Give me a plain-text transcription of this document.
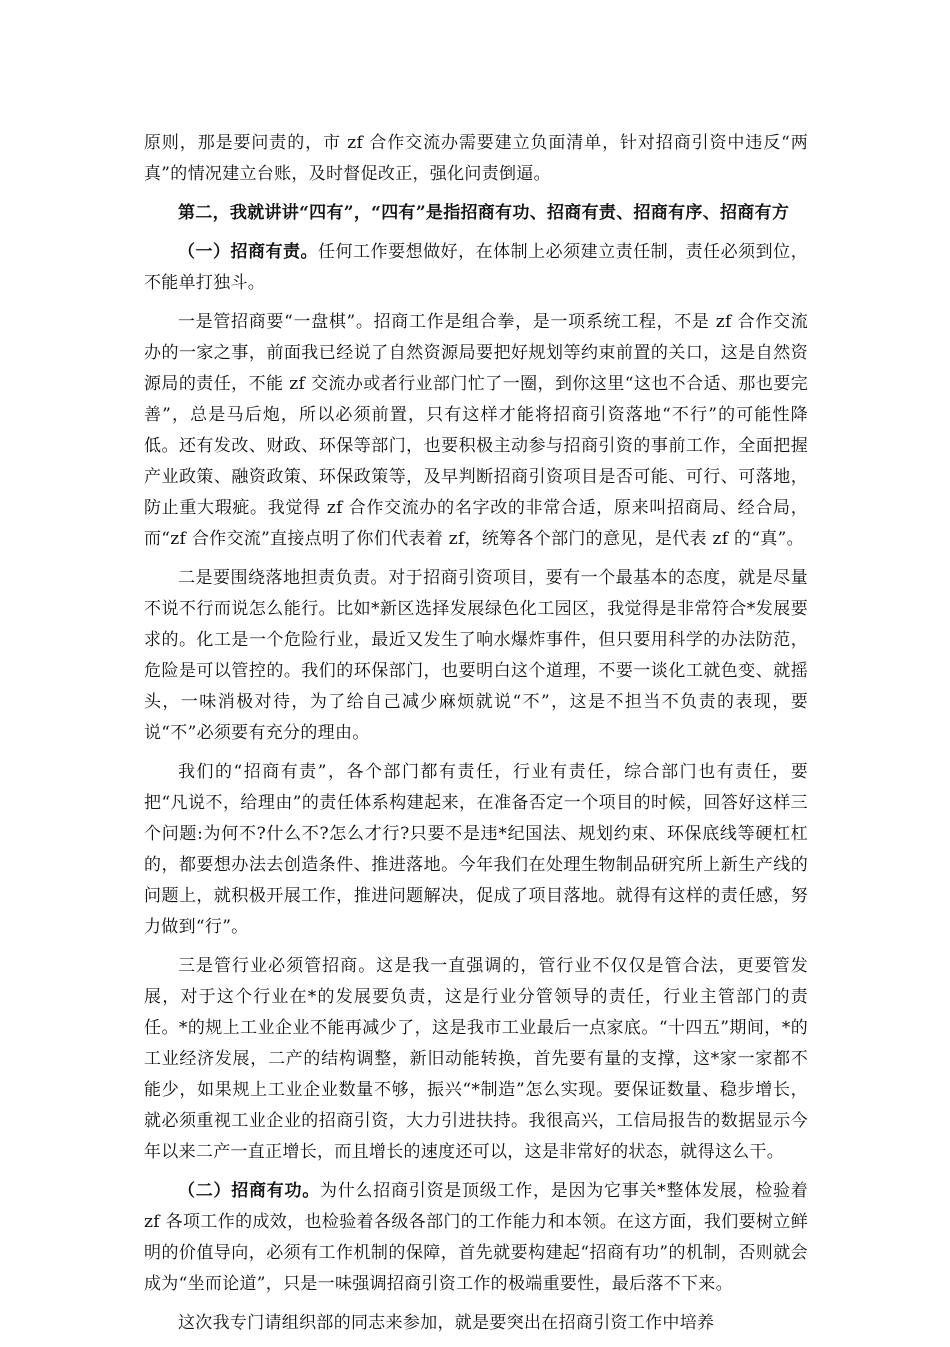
原则，那是要问责的，市 zf 合作交流办需要建立负面清单，针对招商引资中违反“两真”的情况建立台账，及时督促改正，强化问责倒逼。

第二，我就讲讲“四有”，“四有”是指招商有功、招商有责、招商有序、招商有方

（一）招商有责。任何工作要想做好，在体制上必须建立责任制，责任必须到位，不能单打独斗。

一是管招商要“一盘棋”。招商工作是组合拳，是一项系统工程，不是 zf 合作交流办的一家之事，前面我已经说了自然资源局要把好规划等约束前置的关口，这是自然资源局的责任，不能 zf 交流办或者行业部门忙了一圈，到你这里“这也不合适、那也要完善”，总是马后炮，所以必须前置，只有这样才能将招商引资落地“不行”的可能性降低。还有发改、财政、环保等部门，也要积极主动参与招商引资的事前工作，全面把握产业政策、融资政策、环保政策等，及早判断招商引资项目是否可能、可行、可落地，防止重大瑕疵。我觉得 zf 合作交流办的名字改的非常合适，原来叫招商局、经合局，而“zf 合作交流”直接点明了你们代表着 zf，统筹各个部门的意见，是代表 zf 的“真”。

二是要围绕落地担责负责。对于招商引资项目，要有一个最基本的态度，就是尽量不说不行而说怎么能行。比如*新区选择发展绿色化工园区，我觉得是非常符合*发展要求的。化工是一个危险行业，最近又发生了响水爆炸事件，但只要用科学的办法防范，危险是可以管控的。我们的环保部门，也要明白这个道理，不要一谈化工就色变、就摇头，一味消极对待，为了给自己减少麻烦就说“不”，这是不担当不负责的表现，要说“不”必须要有充分的理由。

我们的“招商有责”，各个部门都有责任，行业有责任，综合部门也有责任，要把“凡说不，给理由”的责任体系构建起来，在准备否定一个项目的时候，回答好这样三个问题:为何不?什么不?怎么才行?只要不是违*纪国法、规划约束、环保底线等硬杠杠的，都要想办法去创造条件、推进落地。今年我们在处理生物制品研究所上新生产线的问题上，就积极开展工作，推进问题解决，促成了项目落地。就得有这样的责任感，努力做到“行”。

三是管行业必须管招商。这是我一直强调的，管行业不仅仅是管合法，更要管发展，对于这个行业在*的发展要负责，这是行业分管领导的责任，行业主管部门的责任。*的规上工业企业不能再减少了，这是我市工业最后一点家底。“十四五”期间，*的工业经济发展，二产的结构调整，新旧动能转换，首先要有量的支撑，这*家一家都不能少，如果规上工业企业数量不够，振兴“*制造”怎么实现。要保证数量、稳步增长，就必须重视工业企业的招商引资，大力引进扶持。我很高兴，工信局报告的数据显示今年以来二产一直正增长，而且增长的速度还可以，这是非常好的状态，就得这么干。

（二）招商有功。为什么招商引资是顶级工作，是因为它事关*整体发展，检验着 zf 各项工作的成效，也检验着各级各部门的工作能力和本领。在这方面，我们要树立鲜明的价值导向，必须有工作机制的保障，首先就要构建起“招商有功”的机制，否则就会成为“坐而论道”，只是一味强调招商引资工作的极端重要性，最后落不下来。

这次我专门请组织部的同志来参加，就是要突出在招商引资工作中培养
